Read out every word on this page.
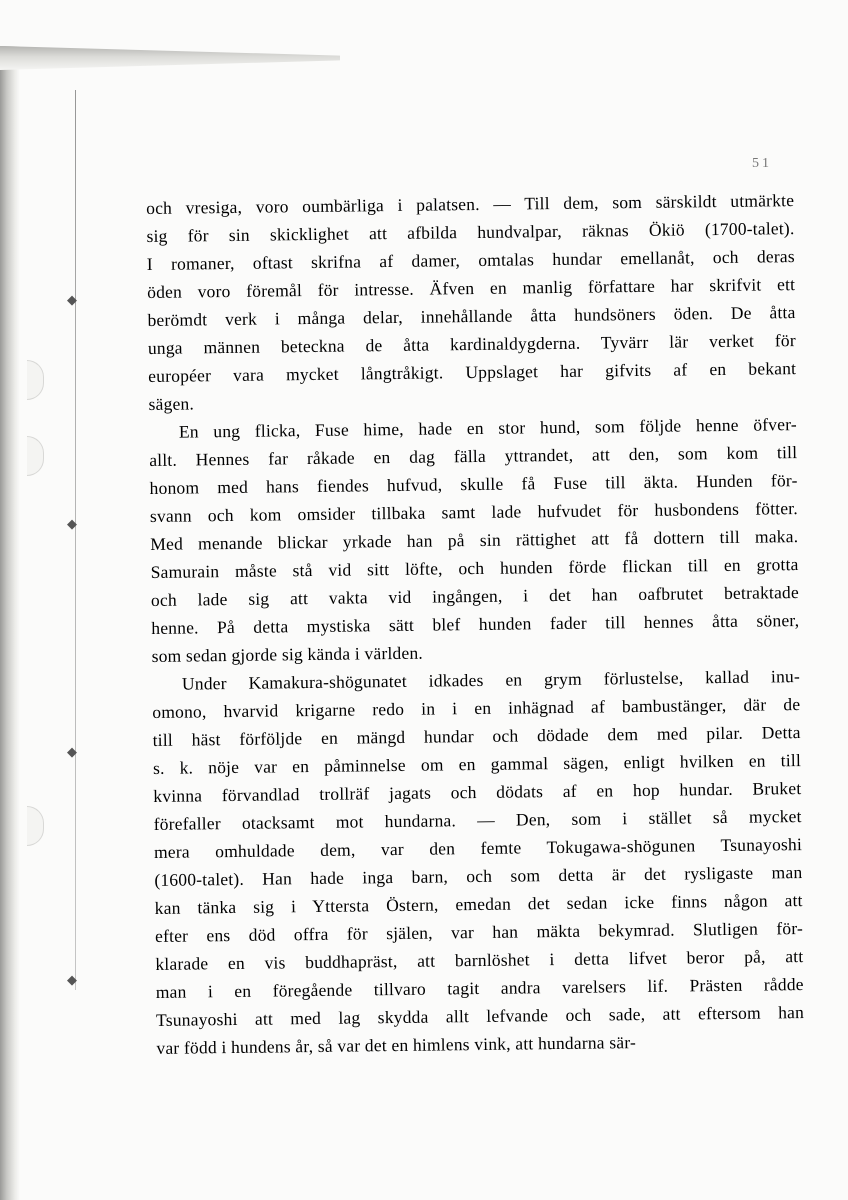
◆
◆
◆
◆
51
och vresiga, voro oumbärliga i palatsen. — Till dem, som särskildt utmärkte
sig för sin skicklighet att afbilda hundvalpar, räknas Ökiö (1700-talet).
I romaner, oftast skrifna af damer, omtalas hundar emellanåt, och deras
öden voro föremål för intresse. Äfven en manlig författare har skrifvit ett
berömdt verk i många delar, innehållande åtta hundsöners öden. De åtta
unga männen beteckna de åtta kardinaldygderna. Tyvärr lär verket för
européer vara mycket långtråkigt. Uppslaget har gifvits af en bekant
sägen.
En ung flicka, Fuse hime, hade en stor hund, som följde henne öfver-
allt. Hennes far råkade en dag fälla yttrandet, att den, som kom till
honom med hans fiendes hufvud, skulle få Fuse till äkta. Hunden för-
svann och kom omsider tillbaka samt lade hufvudet för husbondens fötter.
Med menande blickar yrkade han på sin rättighet att få dottern till maka.
Samurain måste stå vid sitt löfte, och hunden förde flickan till en grotta
och lade sig att vakta vid ingången, i det han oafbrutet betraktade
henne. På detta mystiska sätt blef hunden fader till hennes åtta söner,
som sedan gjorde sig kända i världen.
Under Kamakura-shögunatet idkades en grym förlustelse, kallad inu-
omono, hvarvid krigarne redo in i en inhägnad af bambustänger, där de
till häst förföljde en mängd hundar och dödade dem med pilar. Detta
s. k. nöje var en påminnelse om en gammal sägen, enligt hvilken en till
kvinna förvandlad trollräf jagats och dödats af en hop hundar. Bruket
förefaller otacksamt mot hundarna. — Den, som i stället så mycket
mera omhuldade dem, var den femte Tokugawa-shögunen Tsunayoshi
(1600-talet). Han hade inga barn, och som detta är det rysligaste man
kan tänka sig i Yttersta Östern, emedan det sedan icke finns någon att
efter ens död offra för själen, var han mäkta bekymrad. Slutligen för-
klarade en vis buddhapräst, att barnlöshet i detta lifvet beror på, att
man i en föregående tillvaro tagit andra varelsers lif. Prästen rådde
Tsunayoshi att med lag skydda allt lefvande och sade, att eftersom han
var född i hundens år, så var det en himlens vink, att hundarna sär-
